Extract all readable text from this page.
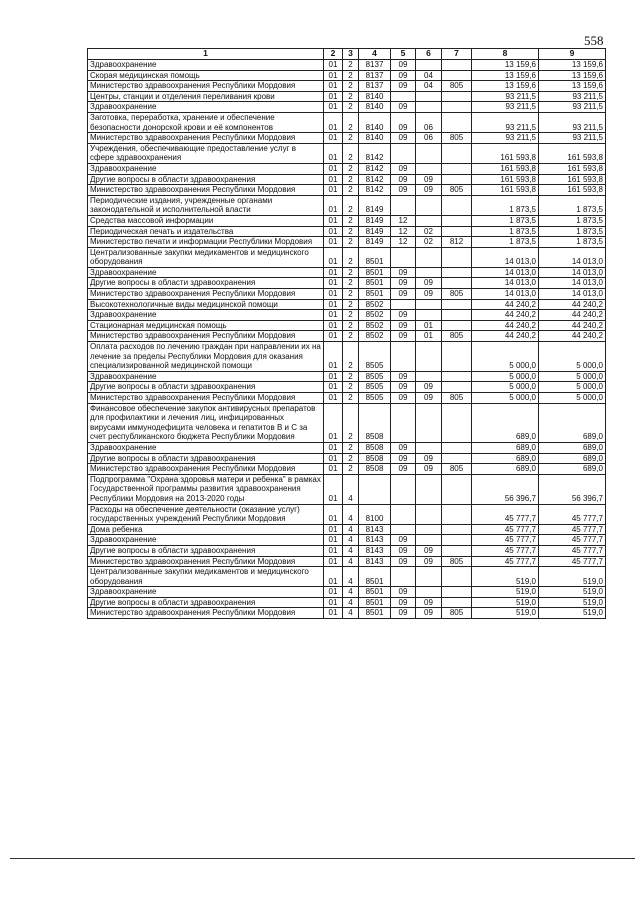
558
1	2	3	4	5	6	7	8	9
Здравоохранение	01	2	8137	09			13 159,6	13 159,6
Скорая медицинская помощь	01	2	8137	09	04		13 159,6	13 159,6
Министерство здравоохранения Республики Мордовия	01	2	8137	09	04	805	13 159,6	13 159,6
Центры, станции и отделения переливания крови	01	2	8140				93 211,5	93 211,5
Здравоохранение	01	2	8140	09			93 211,5	93 211,5
Заготовка, переработка, хранение и обеспечение безопасности донорской крови и её компонентов	01	2	8140	09	06		93 211,5	93 211,5
Министерство здравоохранения Республики Мордовия	01	2	8140	09	06	805	93 211,5	93 211,5
Учреждения, обеспечивающие предоставление услуг в сфере здравоохранения	01	2	8142				161 593,8	161 593,8
Здравоохранение	01	2	8142	09			161 593,8	161 593,8
Другие вопросы в области здравоохранения	01	2	8142	09	09		161 593,8	161 593,8
Министерство здравоохранения Республики Мордовия	01	2	8142	09	09	805	161 593,8	161 593,8
Периодические издания, учрежденные органами законодательной и исполнительной власти	01	2	8149				1 873,5	1 873,5
Средства массовой информации	01	2	8149	12			1 873,5	1 873,5
Периодическая печать и издательства	01	2	8149	12	02		1 873,5	1 873,5
Министерство печати и информации Республики Мордовия	01	2	8149	12	02	812	1 873,5	1 873,5
Централизованные закупки медикаментов и медицинского оборудования	01	2	8501				14 013,0	14 013,0
Здравоохранение	01	2	8501	09			14 013,0	14 013,0
Другие вопросы в области здравоохранения	01	2	8501	09	09		14 013,0	14 013,0
Министерство здравоохранения Республики Мордовия	01	2	8501	09	09	805	14 013,0	14 013,0
Высокотехнологичные виды медицинской помощи	01	2	8502				44 240,2	44 240,2
Здравоохранение	01	2	8502	09			44 240,2	44 240,2
Стационарная медицинская помощь	01	2	8502	09	01		44 240,2	44 240,2
Министерство здравоохранения Республики Мордовия	01	2	8502	09	01	805	44 240,2	44 240,2
Оплата расходов по лечению граждан при направлении их на лечение за пределы Республики Мордовия для оказания специализированной медицинской помощи	01	2	8505				5 000,0	5 000,0
Здравоохранение	01	2	8505	09			5 000,0	5 000,0
Другие вопросы в области здравоохранения	01	2	8505	09	09		5 000,0	5 000,0
Министерство здравоохранения Республики Мордовия	01	2	8505	09	09	805	5 000,0	5 000,0
Финансовое обеспечение закупок антивирусных препаратов для профилактики и лечения лиц, инфицированных вирусами иммунодефицита человека и гепатитов В и С за счет республиканского бюджета Республики Мордовия	01	2	8508				689,0	689,0
Здравоохранение	01	2	8508	09			689,0	689,0
Другие вопросы в области здравоохранения	01	2	8508	09	09		689,0	689,0
Министерство здравоохранения Республики Мордовия	01	2	8508	09	09	805	689,0	689,0
Подпрограмма "Охрана здоровья матери и ребенка" в рамках Государственной программы развития здравоохранения Республики Мордовия на 2013-2020 годы	01	4					56 396,7	56 396,7
Расходы на обеспечение деятельности (оказание услуг) государственных учреждений Республики Мордовия	01	4	8100				45 777,7	45 777,7
Дома ребенка	01	4	8143				45 777,7	45 777,7
Здравоохранение	01	4	8143	09			45 777,7	45 777,7
Другие вопросы в области здравоохранения	01	4	8143	09	09		45 777,7	45 777,7
Министерство здравоохранения Республики Мордовия	01	4	8143	09	09	805	45 777,7	45 777,7
Централизованные закупки медикаментов и медицинского оборудования	01	4	8501				519,0	519,0
Здравоохранение	01	4	8501	09			519,0	519,0
Другие вопросы в области здравоохранения	01	4	8501	09	09		519,0	519,0
Министерство здравоохранения Республики Мордовия	01	4	8501	09	09	805	519,0	519,0
